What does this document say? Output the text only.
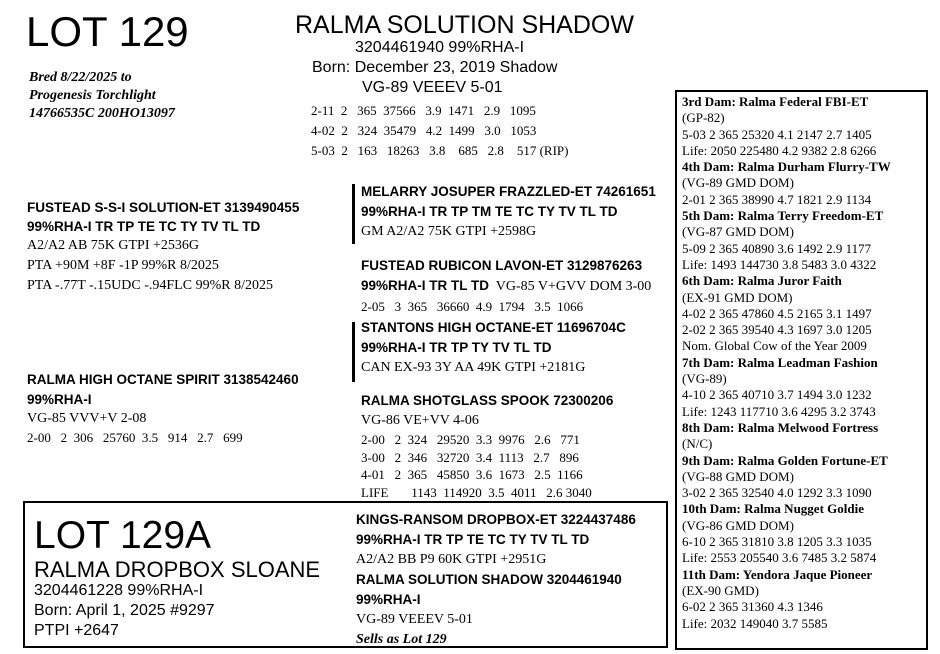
LOT 129
Bred 8/22/2025 to
Progenesis Torchlight
14766535C 200HO13097
RALMA SOLUTION SHADOW
3204461940 99%RHA-I
Born: December 23, 2019 Shadow
VG-89 VEEEV 5-01
2-11  2   365  37566   3.9  1471   2.9   1095
4-02  2   324  35479   4.2  1499   3.0   1053
5-03  2   163   18263   3.8    685   2.8    517 (RIP)
FUSTEAD S-S-I SOLUTION-ET 3139490455
99%RHA-I TR TP TE TC TY TV TL TD
A2/A2 AB 75K GTPI +2536G
PTA +90M +8F -1P 99%R 8/2025
PTA -.77T -.15UDC -.94FLC 99%R 8/2025
MELARRY JOSUPER FRAZZLED-ET 74261651
99%RHA-I TR TP TM TE TC TY TV TL TD
GM A2/A2 75K GTPI +2598G
FUSTEAD RUBICON LAVON-ET 3129876263
99%RHA-I TR TL TD VG-85 V+GVV DOM 3-00
2-05   3  365   36660  4.9  1794   3.5  1066
RALMA HIGH OCTANE SPIRIT 3138542460
99%RHA-I
VG-85 VVV+V 2-08
2-00   2  306   25760  3.5   914   2.7   699
STANTONS HIGH OCTANE-ET 11696704C
99%RHA-I TR TP TY TV TL TD
CAN EX-93 3Y AA 49K GTPI +2181G
RALMA SHOTGLASS SPOOK 72300206
VG-86 VE+VV 4-06
2-00   2  324   29520  3.3  9976   2.6   771
3-00   2  346   32720  3.4  1113   2.7   896
4-01   2  365   45850  3.6  1673   2.5  1166
LIFE       1143  114920  3.5  4011   2.6 3040
3rd Dam: Ralma Federal FBI-ET
(GP-82)
5-03 2 365 25320 4.1 2147 2.7 1405
Life: 2050 225480 4.2 9382 2.8 6266
4th Dam: Ralma Durham Flurry-TW
(VG-89 GMD DOM)
2-01 2 365 38990 4.7 1821 2.9 1134
5th Dam: Ralma Terry Freedom-ET
(VG-87 GMD DOM)
5-09 2 365 40890 3.6 1492 2.9 1177
Life: 1493 144730 3.8 5483 3.0 4322
6th Dam: Ralma Juror Faith
(EX-91 GMD DOM)
4-02 2 365 47860 4.5 2165 3.1 1497
2-02 2 365 39540 4.3 1697 3.0 1205
Nom. Global Cow of the Year 2009
7th Dam: Ralma Leadman Fashion
(VG-89)
4-10 2 365 40710 3.7 1494 3.0 1232
Life: 1243 117710 3.6 4295 3.2 3743
8th Dam: Ralma Melwood Fortress
(N/C)
9th Dam: Ralma Golden Fortune-ET
(VG-88 GMD DOM)
3-02 2 365 32540 4.0 1292 3.3 1090
10th Dam: Ralma Nugget Goldie
(VG-86 GMD DOM)
6-10 2 365 31810 3.8 1205 3.3 1035
Life: 2553 205540 3.6 7485 3.2 5874
11th Dam: Yendora Jaque Pioneer
(EX-90 GMD)
6-02 2 365 31360 4.3 1346
Life: 2032 149040 3.7 5585
LOT 129A
RALMA DROPBOX SLOANE
3204461228 99%RHA-I
Born: April 1, 2025 #9297
PTPI +2647
KINGS-RANSOM DROPBOX-ET 3224437486
99%RHA-I TR TP TE TC TY TV TL TD
A2/A2 BB P9 60K GTPI +2951G
RALMA SOLUTION SHADOW 3204461940
99%RHA-I
VG-89 VEEEV 5-01
Sells as Lot 129
